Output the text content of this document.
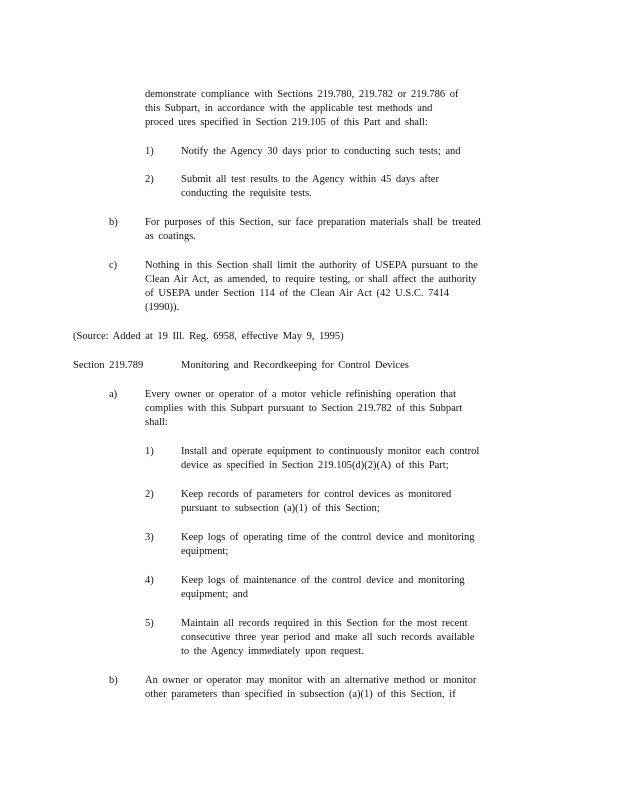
demonstrate compliance with Sections 219.780, 219.782 or 219.786 of
this Subpart, in accordance with the applicable test methods and
proced ures specified in Section 219.105 of this Part and shall:
1)	Notify the Agency 30 days prior to conducting such tests; and
2)	Submit all test results to the Agency within 45 days after
conducting the requisite tests.
b)	For purposes of this Section, sur face preparation materials shall be treated
as coatings.
c)	Nothing in this Section shall limit the authority of USEPA pursuant to the
Clean Air Act, as amended, to require testing, or shall affect the authority
of USEPA under Section 114 of the Clean Air Act (42 U.S.C. 7414
(1990)).
(Source: Added at 19 Ill. Reg. 6958, effective May 9, 1995)
Section 219.789	Monitoring and Recordkeeping for Control Devices
a)	Every owner or operator of a motor vehicle refinishing operation that
complies with this Subpart pursuant to Section 219.782 of this Subpart
shall:
1)	Install and operate equipment to continuously monitor each control
device as specified in Section 219.105(d)(2)(A) of this Part;
2)	Keep records of parameters for control devices as monitored
pursuant to subsection (a)(1) of this Section;
3)	Keep logs of operating time of the control device and monitoring
equipment;
4)	Keep logs of maintenance of the control device and monitoring
equipment; and
5)	Maintain all records required in this Section for the most recent
consecutive three year period and make all such records available
to the Agency immediately upon request.
b)	An owner or operator may monitor with an alternative method or monitor
other parameters than specified in subsection (a)(1) of this Section, if
